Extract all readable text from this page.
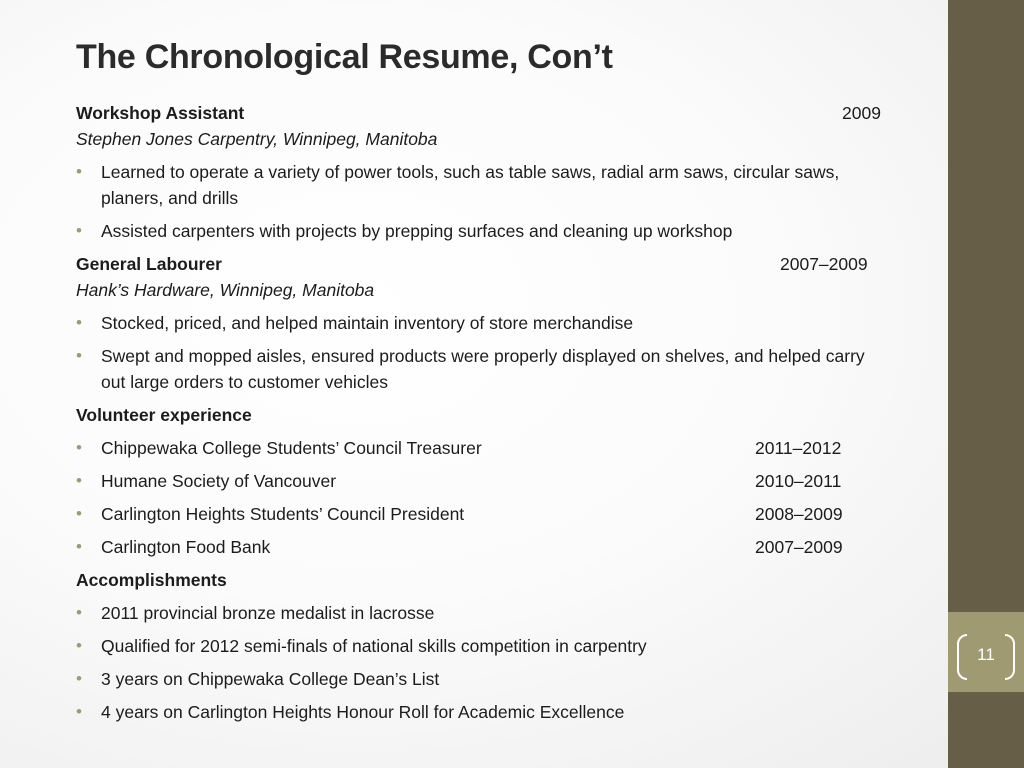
The Chronological Resume, Con’t
Workshop Assistant	2009
Stephen Jones Carpentry, Winnipeg, Manitoba
• Learned to operate a variety of power tools, such as table saws, radial arm saws, circular saws, planers, and drills
• Assisted carpenters with projects by prepping surfaces and cleaning up workshop
General Labourer	2007–2009
Hank’s Hardware, Winnipeg, Manitoba
• Stocked, priced, and helped maintain inventory of store merchandise
• Swept and mopped aisles, ensured products were properly displayed on shelves, and helped carry out large orders to customer vehicles
Volunteer experience
• Chippewaka College Students’ Council Treasurer	2011–2012
• Humane Society of Vancouver	2010–2011
• Carlington Heights Students’ Council President	2008–2009
• Carlington Food Bank	2007–2009
Accomplishments
• 2011 provincial bronze medalist in lacrosse
• Qualified for 2012 semi-finals of national skills competition in carpentry
• 3 years on Chippewaka College Dean’s List
• 4 years on Carlington Heights Honour Roll for Academic Excellence
11
